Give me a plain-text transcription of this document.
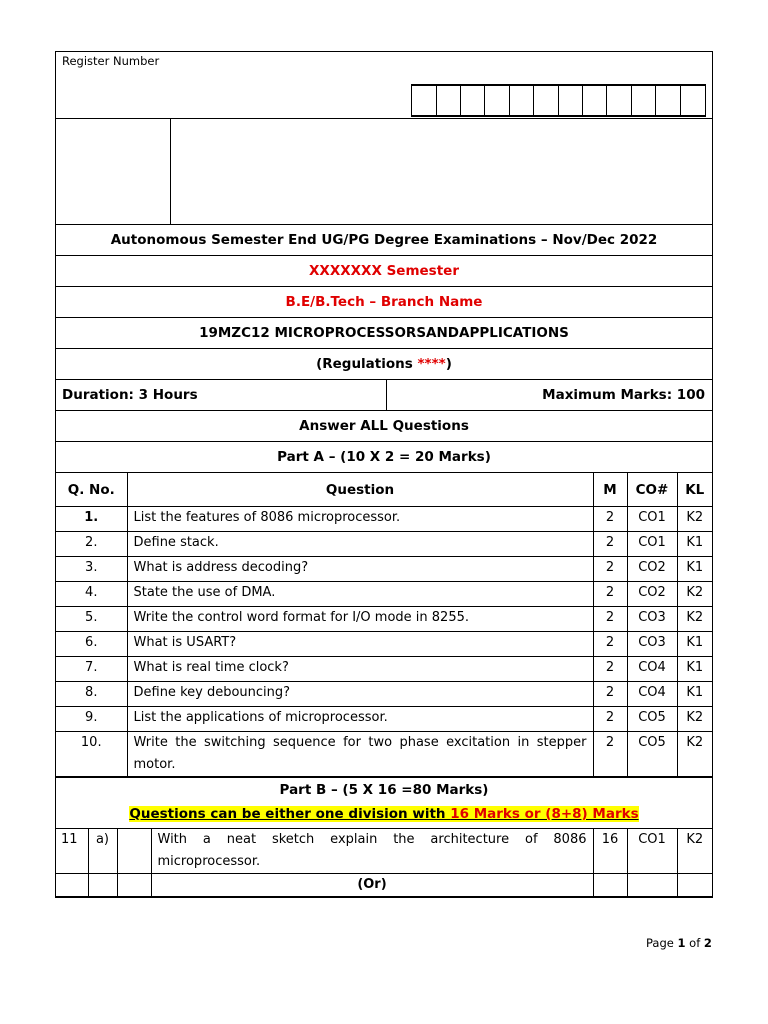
Register Number
Autonomous Semester End UG/PG Degree Examinations – Nov/Dec 2022
XXXXXXX Semester
B.E/B.Tech – Branch Name
19MZC12 MICROPROCESSORSANDAPPLICATIONS
(Regulations ****)
Duration: 3 Hours	Maximum Marks: 100
Answer ALL Questions
Part A – (10 X 2 = 20 Marks)
Q. No.	Question	M	CO#	KL
1.	List the features of 8086 microprocessor.	2	CO1	K2
2.	Define stack.	2	CO1	K1
3.	What is address decoding?	2	CO2	K1
4.	State the use of DMA.	2	CO2	K2
5.	Write the control word format for I/O mode in 8255.	2	CO3	K2
6.	What is USART?	2	CO3	K1
7.	What is real time clock?	2	CO4	K1
8.	Define key debouncing?	2	CO4	K1
9.	List the applications of microprocessor.	2	CO5	K2
10.	Write the switching sequence for two phase excitation in stepper motor.	2	CO5	K2
Part B – (5 X 16 =80 Marks)
Questions can be either one division with 16 Marks or (8+8) Marks
11	a)		With a neat sketch explain the architecture of 8086 microprocessor.	16	CO1	K2
			(Or)			
Page 1 of 2
